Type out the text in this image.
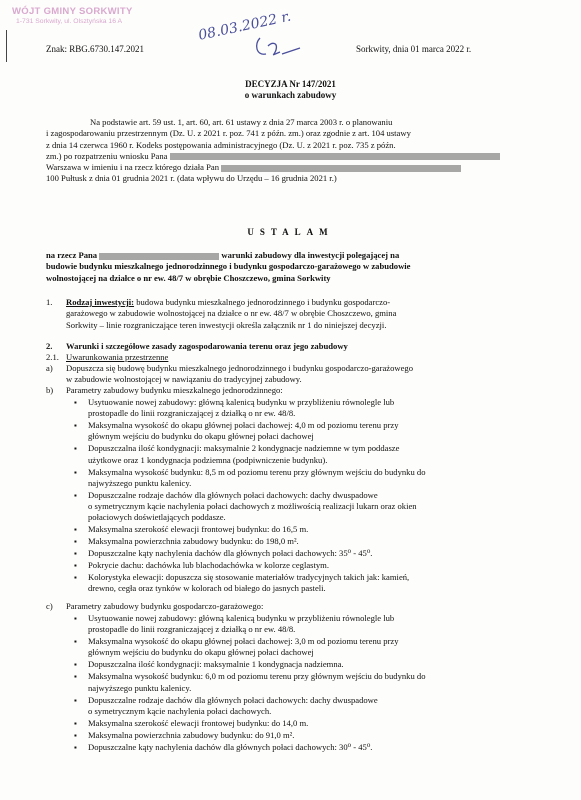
WÓJT GMINY SORKWITY
1-731 Sorkwity, ul. Olsztyńska 16 A	08.03.2022 r.
Znak: RBG.6730.147.2021	Sorkwity, dnia 01 marca 2022 r.
DECYZJA Nr 147/2021
o warunkach zabudowy
Na podstawie art. 59 ust. 1, art. 60, art. 61 ustawy z dnia 27 marca 2003 r. o planowaniu
i zagospodarowaniu przestrzennym (Dz. U. z 2021 r. poz. 741 z późn. zm.) oraz zgodnie z art. 104 ustawy
z dnia 14 czerwca 1960 r. Kodeks postępowania administracyjnego (Dz. U. z 2021 r. poz. 735 z późn.
zm.) po rozpatrzeniu wniosku Pana
Warszawa w imieniu i na rzecz którego działa Pan
100 Pułtusk z dnia 01 grudnia 2021 r. (data wpływu do Urzędu – 16 grudnia 2021 r.)
USTALAM
na rzecz Pana	warunki zabudowy dla inwestycji polegającej na
budowie budynku mieszkalnego jednorodzinnego i budynku gospodarczo-garażowego w zabudowie
wolnostojącej na działce o nr ew. 48/7 w obrębie Choszczewo, gmina Sorkwity
1. Rodzaj inwestycji: budowa budynku mieszkalnego jednorodzinnego i budynku gospodarczo-
garażowego w zabudowie wolnostojącej na działce o nr ew. 48/7 w obrębie Choszczewo, gmina
Sorkwity – linie rozgraniczające teren inwestycji określa załącznik nr 1 do niniejszej decyzji.
2. Warunki i szczegółowe zasady zagospodarowania terenu oraz jego zabudowy
2.1. Uwarunkowania przestrzenne
a) Dopuszcza się budowę budynku mieszkalnego jednorodzinnego i budynku gospodarczo-garażowego
w zabudowie wolnostojącej w nawiązaniu do tradycyjnej zabudowy.
b) Parametry zabudowy budynku mieszkalnego jednorodzinnego:
▪
Usytuowanie nowej zabudowy: główną kalenicą budynku w przybliżeniu równolegle lub
prostopadle do linii rozgraniczającej z działką o nr ew. 48/8.
▪
Maksymalna wysokość do okapu głównej połaci dachowej: 4,0 m od poziomu terenu przy
głównym wejściu do budynku do okapu głównej połaci dachowej
▪
Dopuszczalna ilość kondygnacji: maksymalnie 2 kondygnacje nadziemne w tym poddasze
użytkowe oraz 1 kondygnacja podziemna (podpiwniczenie budynku).
▪
Maksymalna wysokość budynku: 8,5 m od poziomu terenu przy głównym wejściu do budynku do
najwyższego punktu kalenicy.
▪
Dopuszczalne rodzaje dachów dla głównych połaci dachowych: dachy dwuspadowe
o symetrycznym kącie nachylenia połaci dachowych z możliwością realizacji lukarn oraz okien
połaciowych doświetlających poddasze.
▪
Maksymalna szerokość elewacji frontowej budynku: do 16,5 m.
▪
Maksymalna powierzchnia zabudowy budynku: do 198,0 m².
▪
Dopuszczalne kąty nachylenia dachów dla głównych połaci dachowych: 35⁰ - 45⁰.
▪
Pokrycie dachu: dachówka lub blachodachówka w kolorze ceglastym.
▪
Kolorystyka elewacji: dopuszcza się stosowanie materiałów tradycyjnych takich jak: kamień,
drewno, cegła oraz tynków w kolorach od białego do jasnych pasteli.
c) Parametry zabudowy budynku gospodarczo-garażowego:
▪
Usytuowanie nowej zabudowy: główną kalenicą budynku w przybliżeniu równolegle lub
prostopadle do linii rozgraniczającej z działką o nr ew. 48/8.
▪
Maksymalna wysokość do okapu głównej połaci dachowej: 3,0 m od poziomu terenu przy
głównym wejściu do budynku do okapu głównej połaci dachowej
▪
Dopuszczalna ilość kondygnacji: maksymalnie 1 kondygnacja nadziemna.
▪
Maksymalna wysokość budynku: 6,0 m od poziomu terenu przy głównym wejściu do budynku do
najwyższego punktu kalenicy.
▪
Dopuszczalne rodzaje dachów dla głównych połaci dachowych: dachy dwuspadowe
o symetrycznym kącie nachylenia połaci dachowych.
▪
Maksymalna szerokość elewacji frontowej budynku: do 14,0 m.
▪
Maksymalna powierzchnia zabudowy budynku: do 91,0 m².
▪
Dopuszczalne kąty nachylenia dachów dla głównych połaci dachowych: 30⁰ - 45⁰.
